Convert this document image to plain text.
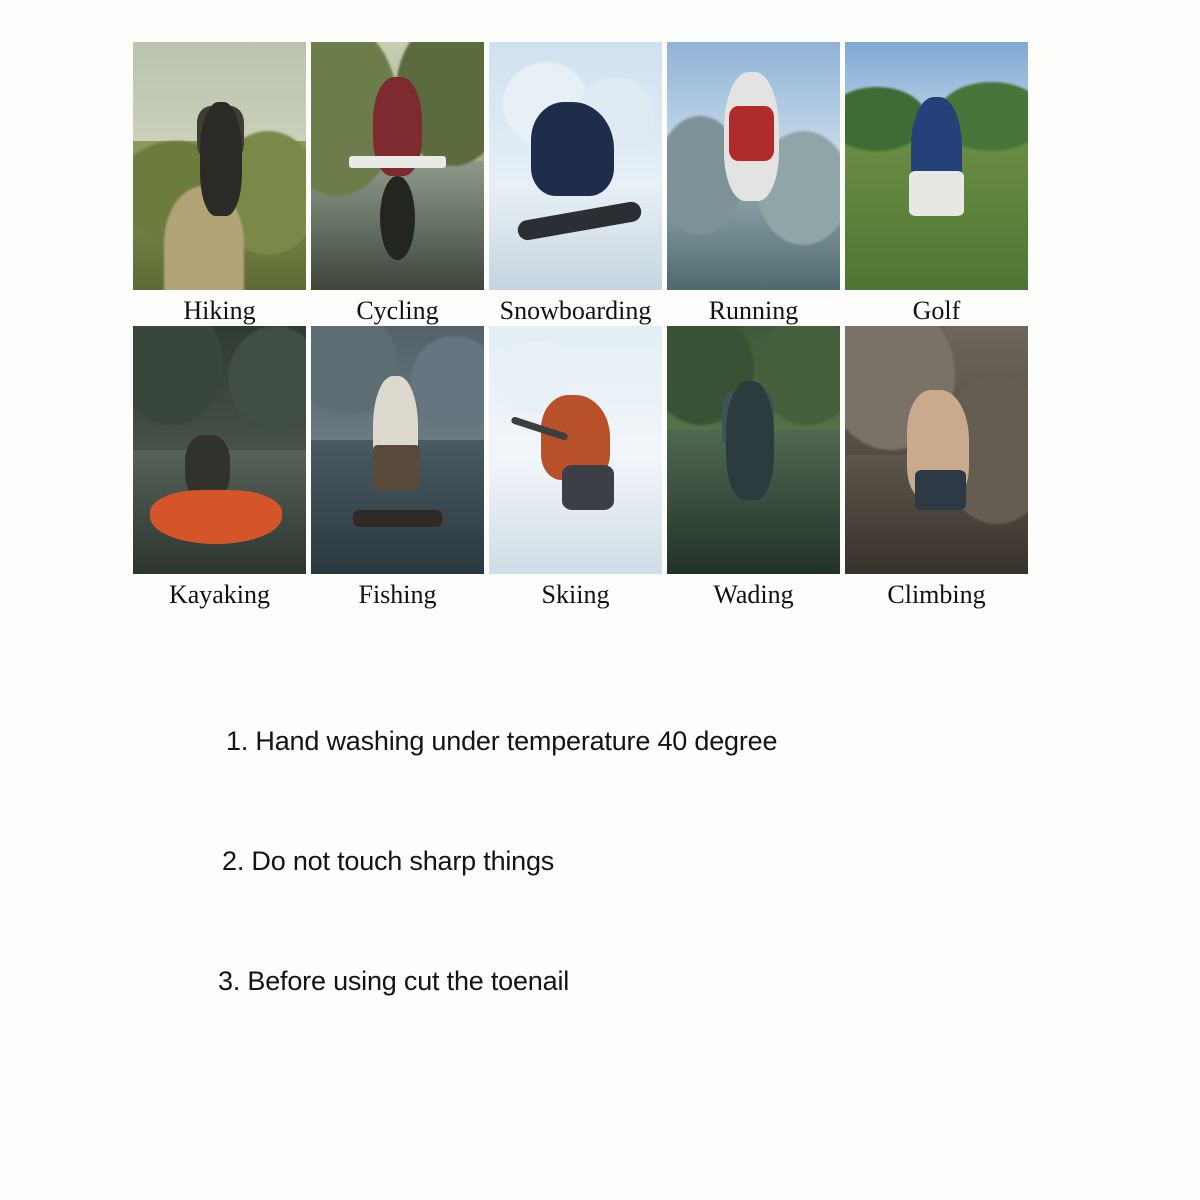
Hiking	Cycling Snowboarding Running	Golf
Kayaking	Fishing	Skiing	Wading	Climbing
1. Hand washing under temperature 40 degree
2. Do not touch sharp things
3. Before using cut the toenail
